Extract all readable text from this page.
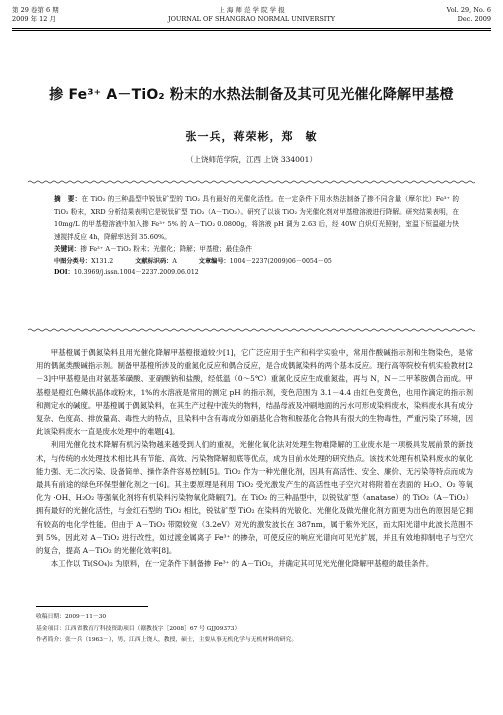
第 29 卷第 6 期
2009 年 12 月
上 海 师 范 学 院 学 报
JOURNAL OF SHANGRAO NORMAL UNIVERSITY
Vol. 29, No. 6
Dec. 2009
掺 Fe³⁺ A－TiO₂ 粉末的水热法制备及其可见光催化降解甲基橙
张一兵，蒋荣彬，郑　敏
（上饶师范学院，江西 上饶 334001）
摘　要：在 TiO₂ 的三种晶型中锐钛矿型的 TiO₂ 具有最好的光催化活性。在一定条件下用水热法制备了掺不同含量（摩尔比）Fe³⁺ 的 TiO₂ 粉末，XRD 分析结果表明它是锐钛矿型 TiO₂（A－TiO₂）。研究了以该 TiO₂ 为光催化剂对甲基橙溶液进行降解。研究结果表明，在 10mg/L 的甲基橙溶液中加入掺 Fe³⁺ 5% 的 A－TiO₂ 0.0800g，将溶液 pH 调为 2.63 后，经 40W 白炽灯光照射，室温下恒温磁力快速搅拌反应 4h，降解率达到 35.60%。
关键词：掺 Fe³⁺ A－TiO₂ 粉末；光催化；降解；甲基橙；最佳条件
中图分类号：X131.2	文献标识码：A	文章编号：1004－2237(2009)06－0054－05
DOI：10.3969/j.issn.1004－2237.2009.06.012

甲基橙属于偶氮染料且用光催化降解甲基橙报道较少[1]，它广泛应用于生产和科学实验中，常用作酸碱指示剂和生物染色，是常用的偶氮类酸碱指示剂。制备甲基橙所涉及的重氮化反应和偶合反应，是合成偶氮染料的两个基本反应。现行高等院校有机实验教材[2－3]中甲基橙是由对氨基苯磺酸、亚硝酸钠和盐酸，经低温（0～5℃）重氮化反应生成重氮盐，再与 N，N－二甲苯胺偶合而成。甲基橙是橙红色鳞状晶体或粉末，1%的水溶液是常用的测定 pH 的指示剂，变色范围为 3.1－4.4 由红色变黄色，也用作滴定的指示剂和测定水的碱度。甲基橙属于偶氮染料，在其生产过程中流失的物料，结晶母液及冲刷地面的污水可形成染料废水，染料废水具有成分复杂、色度高、排放量高、毒性大的特点，且染料中含有毒成分如硝基化合物和胺基化合物具有很大的生物毒性，严重污染了环境，因此该染料废水一直是废水处理中的难题[4]。

利用光催化技术降解有机污染物越来越受到人们的重视，光催化氧化法对处理生物难降解的工业废水是一项极具发展前景的新技术，与传统的水处理技术相比具有节能、高效、污染物降解彻底等优点，成为目前水处理的研究热点。该技术处理有机染料废水的氧化能力强、无二次污染、设备简单、操作条件容易控制[5]。TiO₂ 作为一种光催化剂，因具有高活性、安全、廉价、无污染等特点而成为最具有前途的绿色环保型催化剂之一[6]。其主要原理是利用 TiO₂ 受光激发产生的高活性电子空穴对将附着在表面的 H₂O、O₂ 等氧化为 ·OH、H₂O₂ 等强氧化剂将有机染料污染物氧化降解[7]。在 TiO₂ 的三种晶型中，以锐钛矿型（anatase）的 TiO₂（A－TiO₂）拥有最好的光催化活性，与金红石型的 TiO₂ 相比，锐钛矿型 TiO₂ 在染料的光敏化、光催化及做光催化剂方面更为出色的原因是它拥有较高的电化学性能。但由于 A－TiO₂ 带隙较宽（3.2eV）对光的激发波长在 387nm，属于紫外光区，而太阳光谱中此波长范围不到 5%，因此对 A－TiO₂ 进行改性，如过渡金属离子 Fe³⁺ 的掺杂，可使反应的响应光谱向可见光扩展，并且有效地抑制电子与空穴的复合，提高 A－TiO₂ 的光催化效率[8]。

本工作以 Ti(SO₄)₂ 为原料，在一定条件下制备掺 Fe³⁺ 的 A－TiO₂，并确定其可见光光催化降解甲基橙的最佳条件。

收稿日期：2009－11－30
基金项目：江西省教育厅科技资助项目（赣教技字［2008］67 号 GJJ09373）
作者简介：张一兵（1963－），男，江西上饶人，教授，硕士，主要从事无机化学与无机材料的研究。
